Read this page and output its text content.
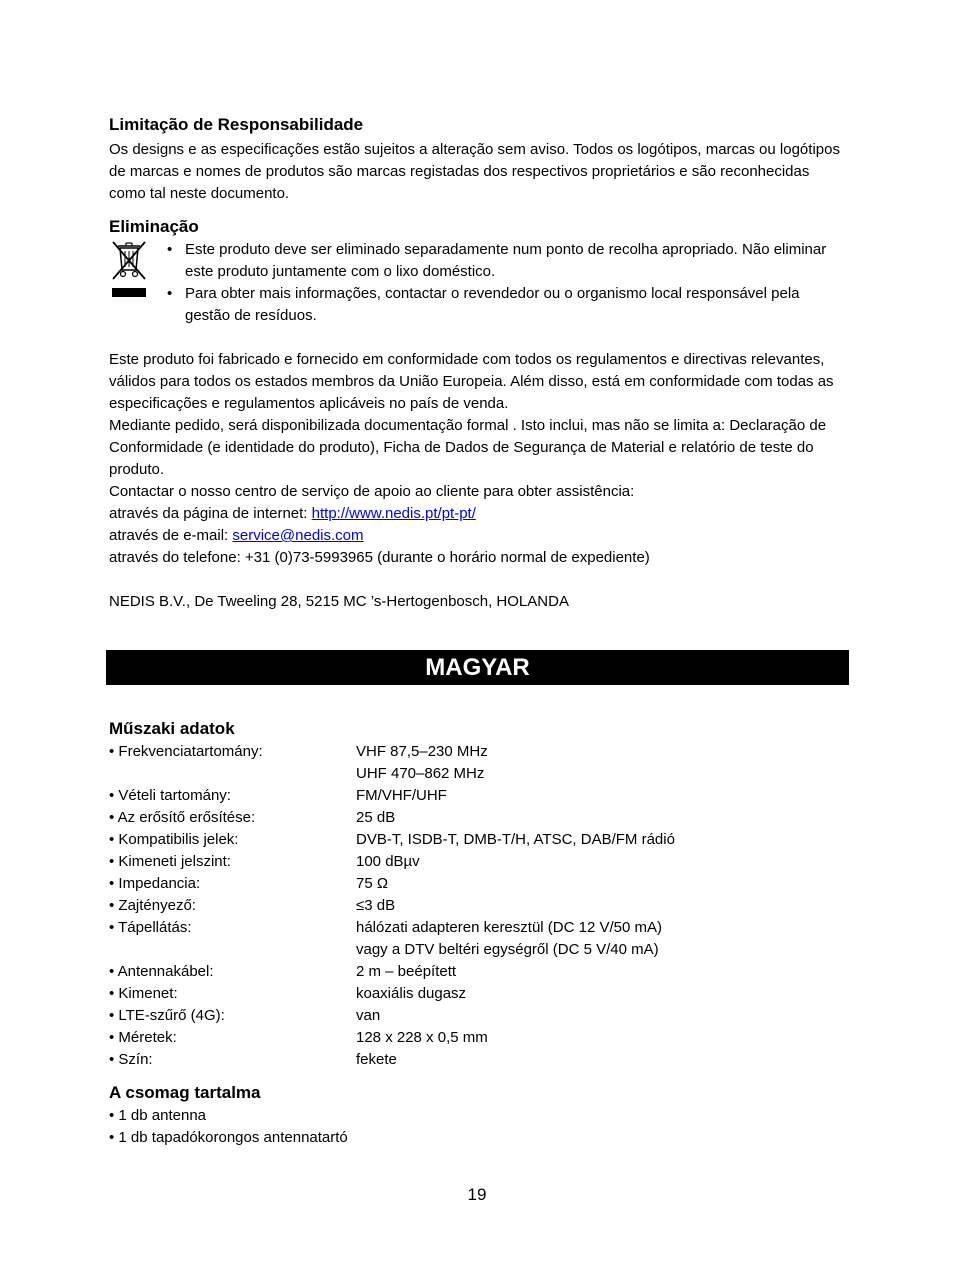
Limitação de Responsabilidade

Os designs e as especificações estão sujeitos a alteração sem aviso. Todos os logótipos, marcas ou logótipos de marcas e nomes de produtos são marcas registadas dos respectivos proprietários e são reconhecidas como tal neste documento.

Eliminação
• Este produto deve ser eliminado separadamente num ponto de recolha apropriado. Não eliminar este produto juntamente com o lixo doméstico.
• Para obter mais informações, contactar o revendedor ou o organismo local responsável pela gestão de resíduos.

Este produto foi fabricado e fornecido em conformidade com todos os regulamentos e directivas relevantes, válidos para todos os estados membros da União Europeia. Além disso, está em conformidade com todas as especificações e regulamentos aplicáveis no país de venda.

Mediante pedido, será disponibilizada documentação formal . Isto inclui, mas não se limita a: Declaração de Conformidade (e identidade do produto), Ficha de Dados de Segurança de Material e relatório de teste do produto.

Contactar o nosso centro de serviço de apoio ao cliente para obter assistência:

através da página de internet: http://www.nedis.pt/pt-pt/

através de e-mail: service@nedis.com

através do telefone: +31 (0)73-5993965 (durante o horário normal de expediente)

NEDIS B.V., De Tweeling 28, 5215 MC ’s-Hertogenbosch, HOLANDA

MAGYAR
Műszaki adatok
• Frekvenciatartomány:	VHF 87,5–230 MHz
	UHF 470–862 MHz
• Vételi tartomány:	FM/VHF/UHF
• Az erősítő erősítése:	25 dB
• Kompatibilis jelek:	DVB-T, ISDB-T, DMB-T/H, ATSC, DAB/FM rádió
• Kimeneti jelszint:	100 dBµv
• Impedancia:	75 Ω
• Zajtényező:	≤3 dB
• Tápellátás:	hálózati adapteren keresztül (DC 12 V/50 mA)
	vagy a DTV beltéri egységről (DC 5 V/40 mA)
• Antennakábel:	2 m – beépített
• Kimenet:	koaxiális dugasz
• LTE-szűrő (4G):	van
• Méretek:	128 x 228 x 0,5 mm
• Szín:	fekete
A csomag tartalma

• 1 db antenna

• 1 db tapadókorongos antennatartó

19
